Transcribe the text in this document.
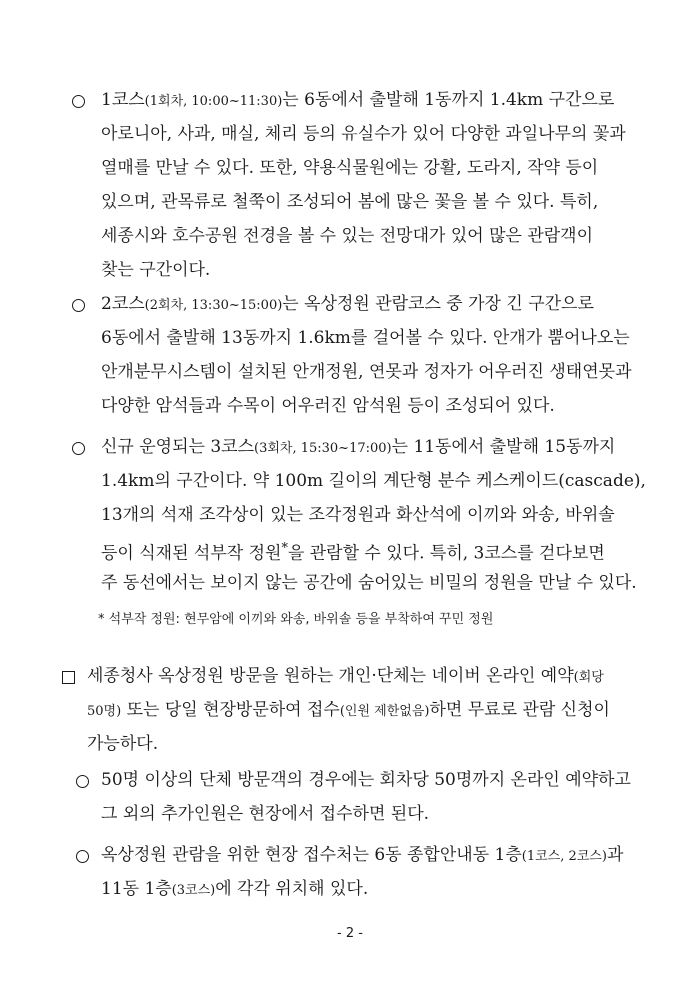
1코스(1회차, 10:00~11:30)는 6동에서 출발해 1동까지 1.4km 구간으로
아로니아, 사과, 매실, 체리 등의 유실수가 있어 다양한 과일나무의 꽃과
열매를 만날 수 있다. 또한, 약용식물원에는 강활, 도라지, 작약 등이
있으며, 관목류로 철쭉이 조성되어 봄에 많은 꽃을 볼 수 있다. 특히,
세종시와 호수공원 전경을 볼 수 있는 전망대가 있어 많은 관람객이
찾는 구간이다.
2코스(2회차, 13:30~15:00)는 옥상정원 관람코스 중 가장 긴 구간으로
6동에서 출발해 13동까지 1.6km를 걸어볼 수 있다. 안개가 뿜어나오는
안개분무시스템이 설치된 안개정원, 연못과 정자가 어우러진 생태연못과
다양한 암석들과 수목이 어우러진 암석원 등이 조성되어 있다.
신규 운영되는 3코스(3회차, 15:30~17:00)는 11동에서 출발해 15동까지
1.4km의 구간이다. 약 100m 길이의 계단형 분수 케스케이드(cascade),
13개의 석재 조각상이 있는 조각정원과 화산석에 이끼와 와송, 바위솔
등이 식재된 석부작 정원*을 관람할 수 있다. 특히, 3코스를 걷다보면
주 동선에서는 보이지 않는 공간에 숨어있는 비밀의 정원을 만날 수 있다.
* 석부작 정원: 현무암에 이끼와 와송, 바위솔 등을 부착하여 꾸민 정원
세종청사 옥상정원 방문을 원하는 개인·단체는 네이버 온라인 예약(회당
50명) 또는 당일 현장방문하여 접수(인원 제한없음)하면 무료로 관람 신청이
가능하다.
50명 이상의 단체 방문객의 경우에는 회차당 50명까지 온라인 예약하고
그 외의 추가인원은 현장에서 접수하면 된다.
옥상정원 관람을 위한 현장 접수처는 6동 종합안내동 1층(1코스, 2코스)과
11동 1층(3코스)에 각각 위치해 있다.
- 2 -
